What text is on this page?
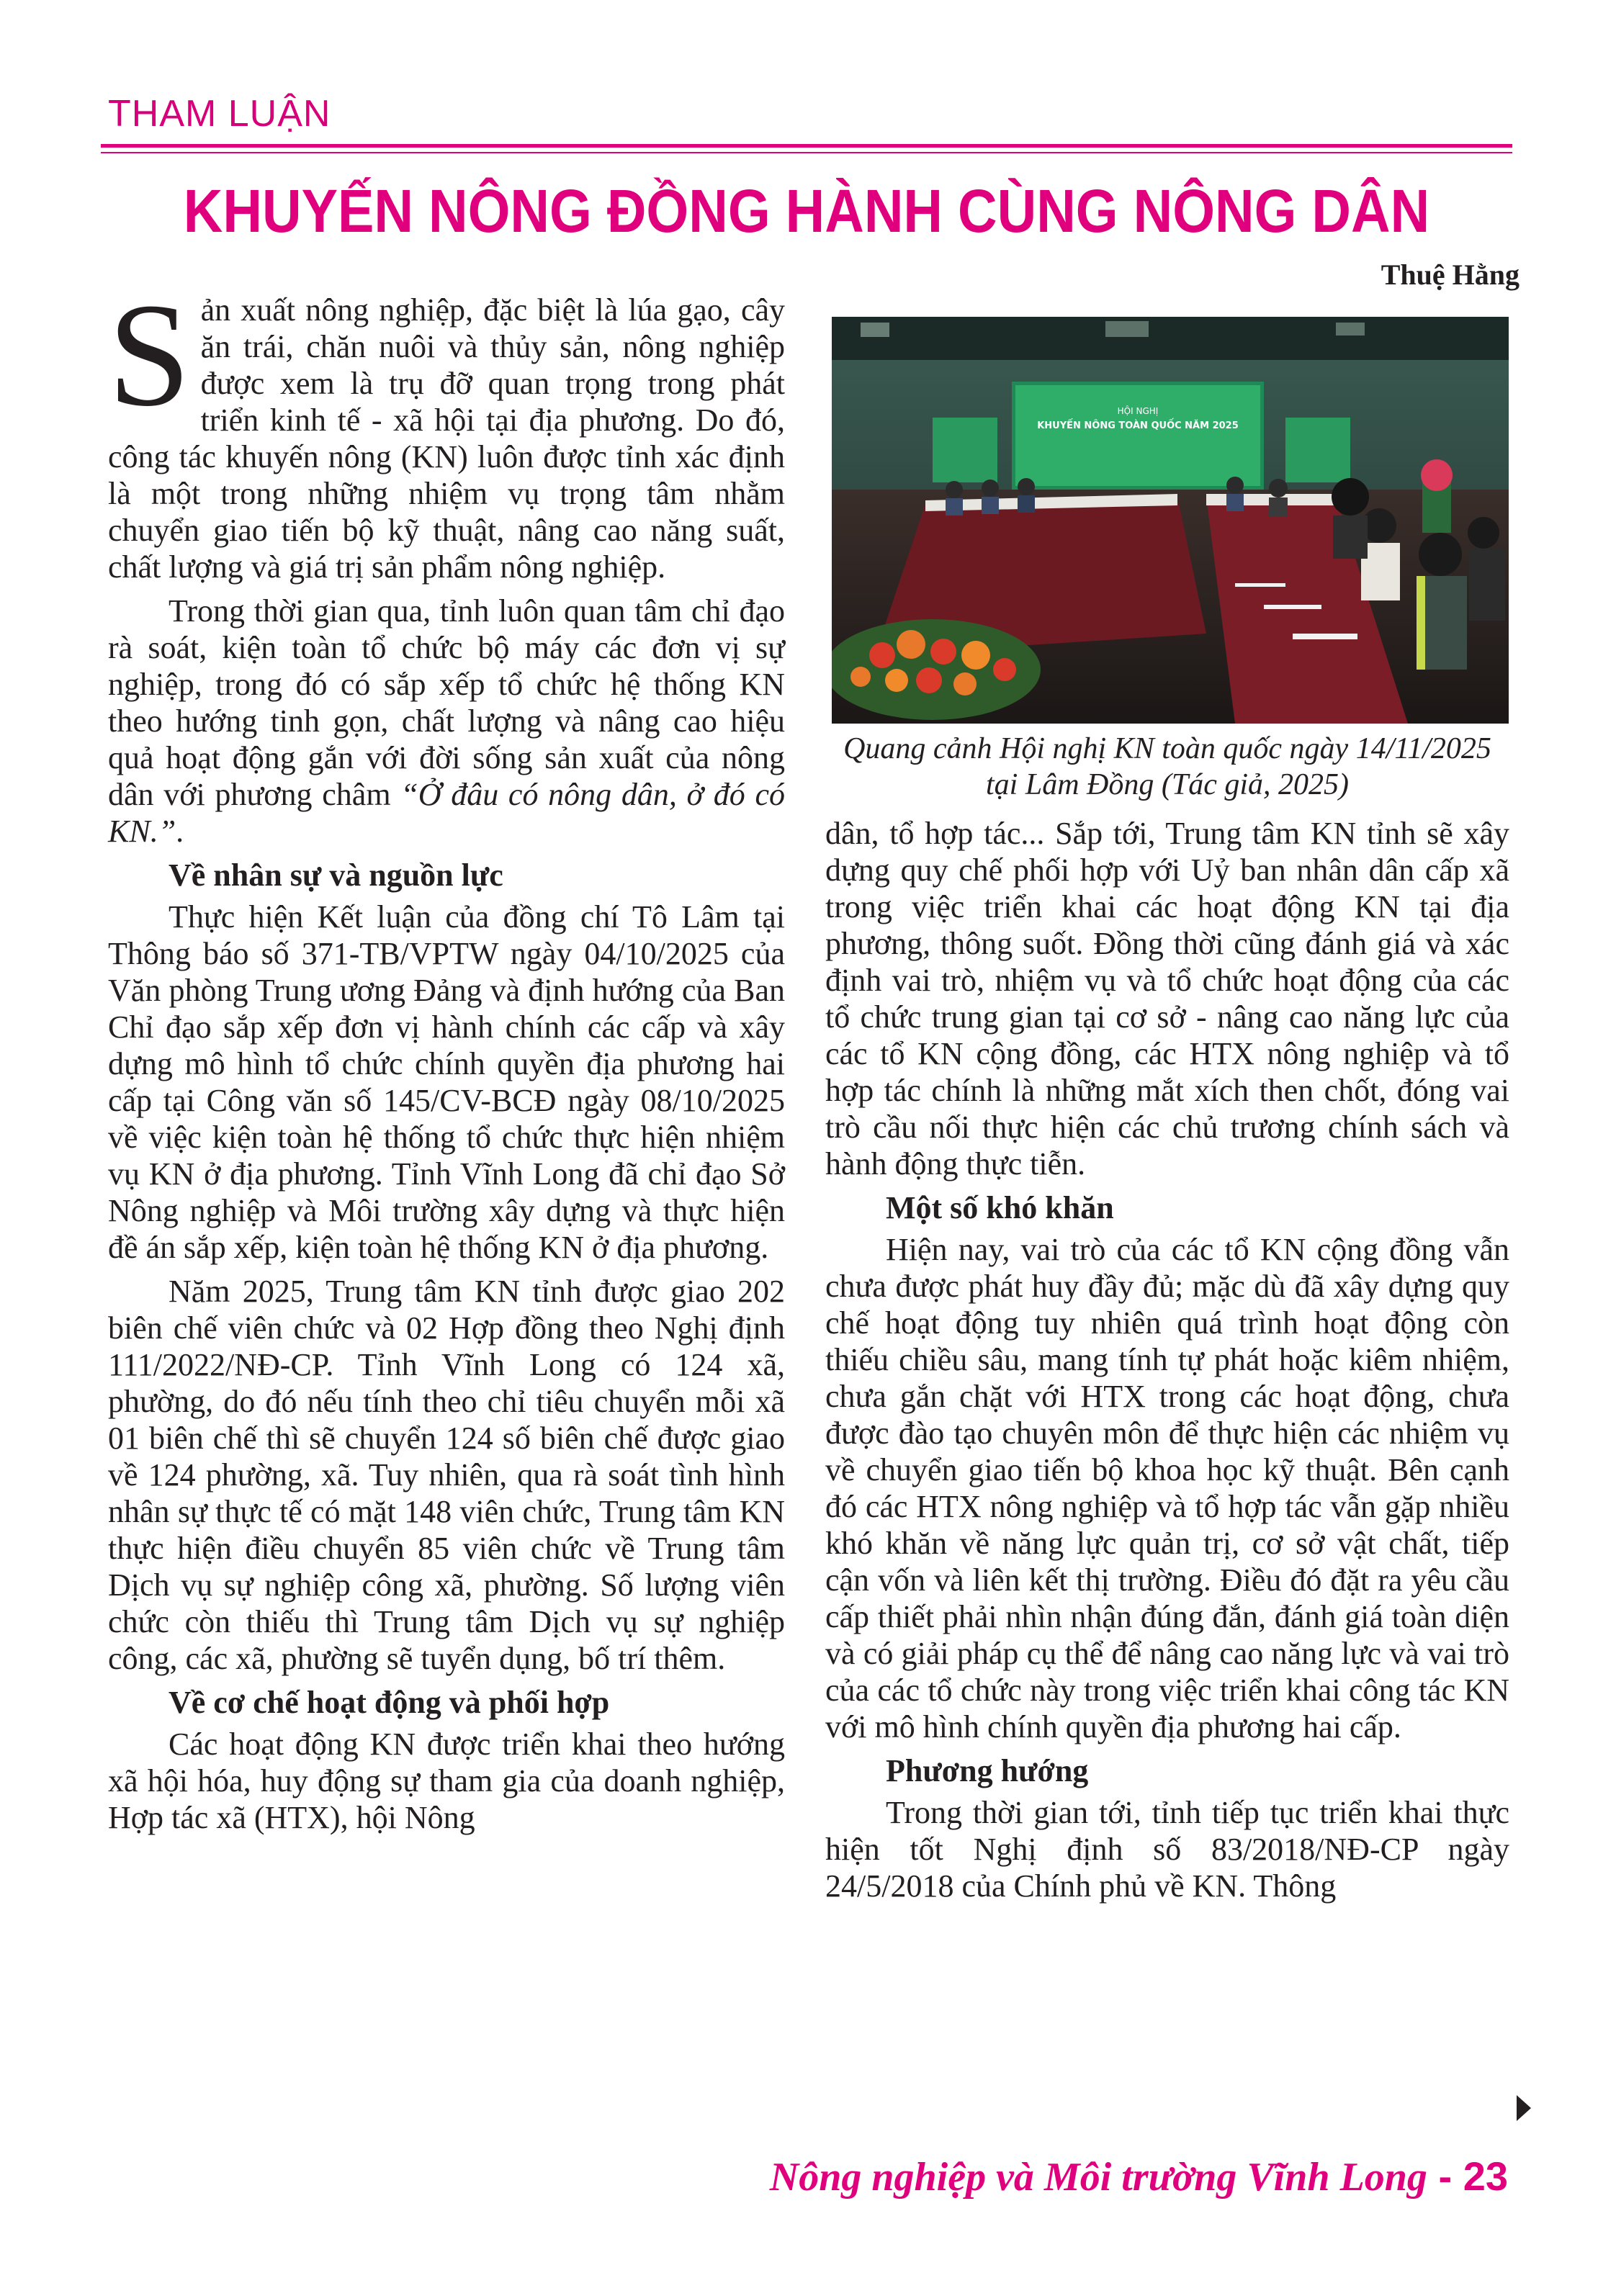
THAM LUẬN
KHUYẾN NÔNG ĐỒNG HÀNH CÙNG NÔNG DÂN
Thuệ Hằng

Sản xuất nông nghiệp, đặc biệt là lúa gạo, cây ăn trái, chăn nuôi và thủy sản, nông nghiệp được xem là trụ đỡ quan trọng trong phát triển kinh tế - xã hội tại địa phương. Do đó, công tác khuyến nông (KN) luôn được tỉnh xác định là một trong những nhiệm vụ trọng tâm nhằm chuyển giao tiến bộ kỹ thuật, nâng cao năng suất, chất lượng và giá trị sản phẩm nông nghiệp.

Trong thời gian qua, tỉnh luôn quan tâm chỉ đạo rà soát, kiện toàn tổ chức bộ máy các đơn vị sự nghiệp, trong đó có sắp xếp tổ chức hệ thống KN theo hướng tinh gọn, chất lượng và nâng cao hiệu quả hoạt động gắn với đời sống sản xuất của nông dân với phương châm “Ở đâu có nông dân, ở đó có KN.”.

Về nhân sự và nguồn lực

Thực hiện Kết luận của đồng chí Tô Lâm tại Thông báo số 371-TB/VPTW ngày 04/10/2025 của Văn phòng Trung ương Đảng và định hướng của Ban Chỉ đạo sắp xếp đơn vị hành chính các cấp và xây dựng mô hình tổ chức chính quyền địa phương hai cấp tại Công văn số 145/CV-BCĐ ngày 08/10/2025 về việc kiện toàn hệ thống tổ chức thực hiện nhiệm vụ KN ở địa phương. Tỉnh Vĩnh Long đã chỉ đạo Sở Nông nghiệp và Môi trường xây dựng và thực hiện đề án sắp xếp, kiện toàn hệ thống KN ở địa phương.

Năm 2025, Trung tâm KN tỉnh được giao 202 biên chế viên chức và 02 Hợp đồng theo Nghị định 111/2022/NĐ-CP. Tỉnh Vĩnh Long có 124 xã, phường, do đó nếu tính theo chỉ tiêu chuyển mỗi xã 01 biên chế thì sẽ chuyển 124 số biên chế được giao về 124 phường, xã. Tuy nhiên, qua rà soát tình hình nhân sự thực tế có mặt 148 viên chức, Trung tâm KN thực hiện điều chuyển 85 viên chức về Trung tâm Dịch vụ sự nghiệp công xã, phường. Số lượng viên chức còn thiếu thì Trung tâm Dịch vụ sự nghiệp công, các xã, phường sẽ tuyển dụng, bố trí thêm.

Về cơ chế hoạt động và phối hợp

Các hoạt động KN được triển khai theo hướng xã hội hóa, huy động sự tham gia của doanh nghiệp, Hợp tác xã (HTX), hội Nông

HỘI NGHỊ
KHUYẾN NÔNG TOÀN QUỐC NĂM 2025
Quang cảnh Hội nghị KN toàn quốc ngày 14/11/2025 tại Lâm Đồng (Tác giả, 2025)

dân, tổ hợp tác... Sắp tới, Trung tâm KN tỉnh sẽ xây dựng quy chế phối hợp với Uỷ ban nhân dân cấp xã trong việc triển khai các hoạt động KN tại địa phương, thông suốt. Đồng thời cũng đánh giá và xác định vai trò, nhiệm vụ và tổ chức hoạt động của các tổ chức trung gian tại cơ sở - nâng cao năng lực của các tổ KN cộng đồng, các HTX nông nghiệp và tổ hợp tác chính là những mắt xích then chốt, đóng vai trò cầu nối thực hiện các chủ trương chính sách và hành động thực tiễn.

Một số khó khăn

Hiện nay, vai trò của các tổ KN cộng đồng vẫn chưa được phát huy đầy đủ; mặc dù đã xây dựng quy chế hoạt động tuy nhiên quá trình hoạt động còn thiếu chiều sâu, mang tính tự phát hoặc kiêm nhiệm, chưa gắn chặt với HTX trong các hoạt động, chưa được đào tạo chuyên môn để thực hiện các nhiệm vụ về chuyển giao tiến bộ khoa học kỹ thuật. Bên cạnh đó các HTX nông nghiệp và tổ hợp tác vẫn gặp nhiều khó khăn về năng lực quản trị, cơ sở vật chất, tiếp cận vốn và liên kết thị trường. Điều đó đặt ra yêu cầu cấp thiết phải nhìn nhận đúng đắn, đánh giá toàn diện và có giải pháp cụ thể để nâng cao năng lực và vai trò của các tổ chức này trong việc triển khai công tác KN với mô hình chính quyền địa phương hai cấp.

Phương hướng

Trong thời gian tới, tỉnh tiếp tục triển khai thực hiện tốt Nghị định số 83/2018/NĐ-CP ngày 24/5/2018 của Chính phủ về KN. Thông

Nông nghiệp và Môi trường Vĩnh Long - 23
